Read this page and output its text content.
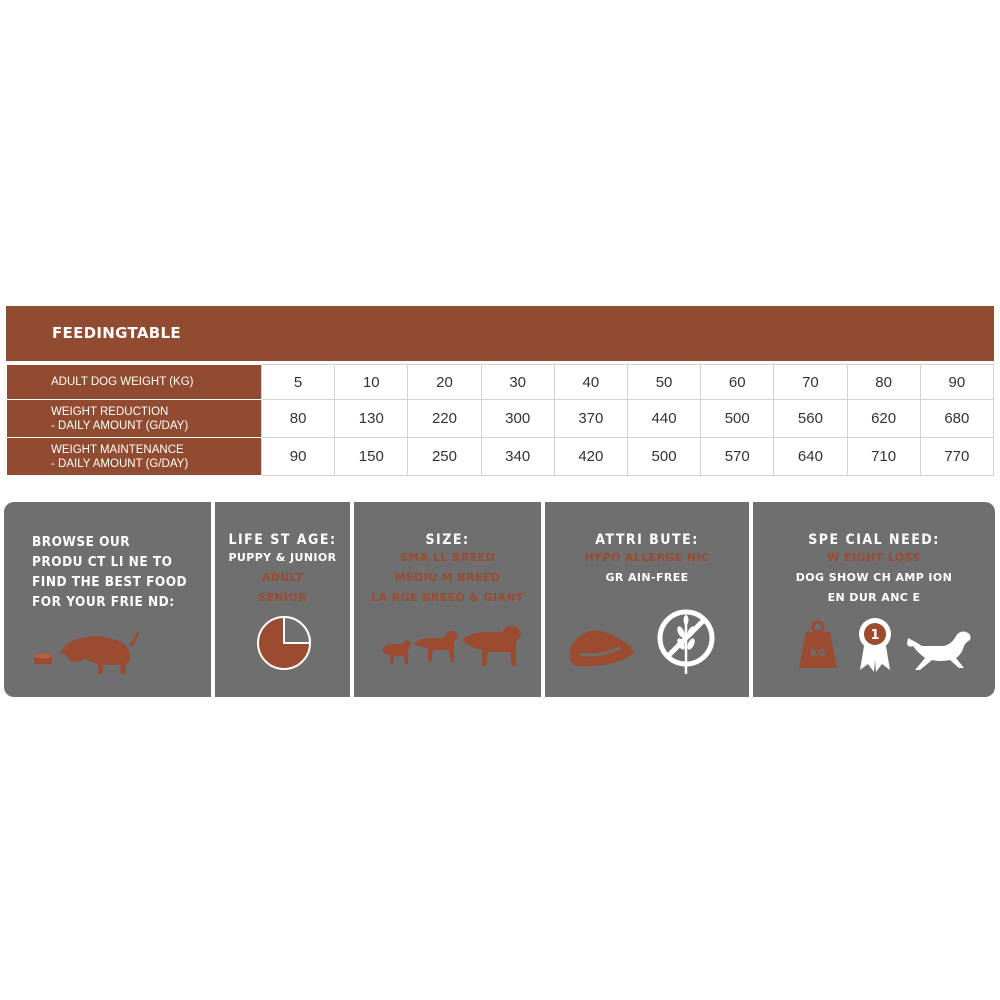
FEEDINGTABLE
ADULT DOG WEIGHT (KG)	5	10	20	30	40	50	60	70	80	90

WEIGHT REDUCTION
- DAILY AMOUNT (G/DAY)	80	130	220	300	370	440	500	560	620	680

WEIGHT MAINTENANCE
- DAILY AMOUNT (G/DAY)	90	150	250	340	420	500	570	640	710	770
BROWSE OUR
PRODU CT LI NE TO
FIND THE BEST FOOD
FOR YOUR FRIE ND:
LIFE ST AGE:
PUPPY & JUNIOR
ADULT
SENIOR
SIZE:
SMA LL BREED
MEDIU M BREED
LA RGE BREED & GIANT
ATTRI BUTE:
HYPO ALLERGE NIC
GR AIN-FREE
SPE CIAL NEED:
W EIGHT LOSS
DOG SHOW CH AMP ION
EN DUR ANC E
KG
1
